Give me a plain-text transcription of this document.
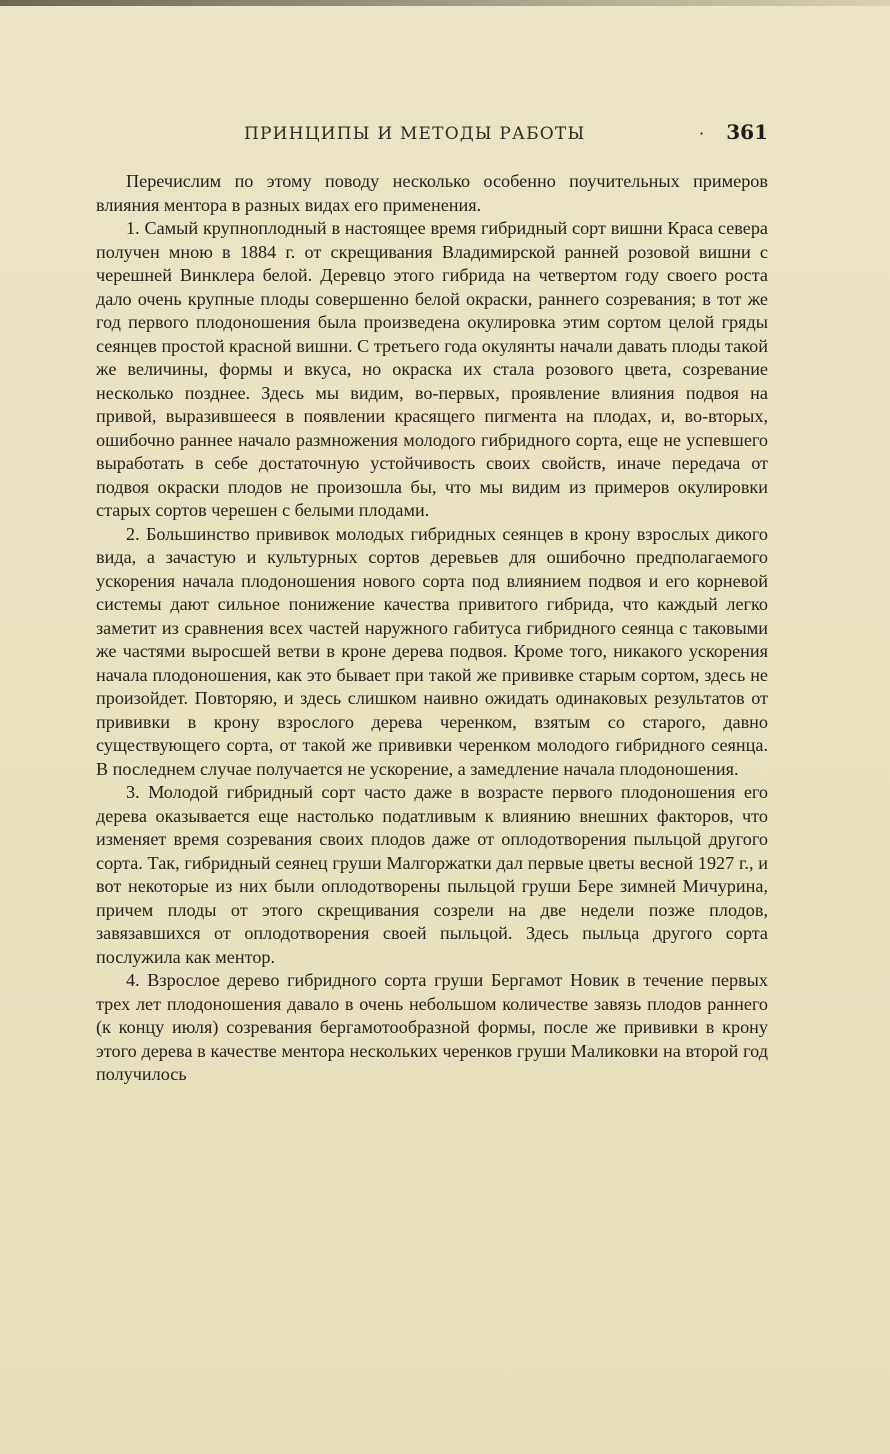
ПРИНЦИПЫ И МЕТОДЫ РАБОТЫ	· 361

Перечислим по этому поводу несколько особенно поучительных примеров влияния ментора в разных видах его применения.

1. Самый крупноплодный в настоящее время гибридный сорт вишни Краса севера получен мною в 1884 г. от скрещивания Владимирской ранней розовой вишни с черешней Винклера белой. Деревцо этого гибрида на четвертом году своего роста дало очень крупные плоды совершенно белой окраски, раннего созревания; в тот же год первого плодоношения была произведена окулировка этим сортом целой гряды сеянцев простой красной вишни. С третьего года окулянты начали давать плоды такой же величины, формы и вкуса, но окраска их стала розового цвета, созревание несколько позднее. Здесь мы видим, во-первых, проявление влияния подвоя на привой, выразившееся в появлении красящего пигмента на плодах, и, во-вторых, ошибочно раннее начало размножения молодого гибридного сорта, еще не успевшего выработать в себе достаточную устойчивость своих свойств, иначе передача от подвоя окраски плодов не произошла бы, что мы видим из примеров окулировки старых сортов черешен с белыми плодами.

2. Большинство прививок молодых гибридных сеянцев в крону взрослых дикого вида, а зачастую и культурных сортов деревьев для ошибочно предполагаемого ускорения начала плодоношения нового сорта под влиянием подвоя и его корневой системы дают сильное понижение качества привитого гибрида, что каждый легко заметит из сравнения всех частей наружного габитуса гибридного сеянца с таковыми же частями выросшей ветви в кроне дерева подвоя. Кроме того, никакого ускорения начала плодоношения, как это бывает при такой же прививке старым сортом, здесь не произойдет. Повторяю, и здесь слишком наивно ожидать одинаковых результатов от прививки в крону взрослого дерева черенком, взятым со старого, давно существующего сорта, от такой же прививки черенком молодого гибридного сеянца. В последнем случае получается не ускорение, а замедление начала плодоношения.

3. Молодой гибридный сорт часто даже в возрасте первого плодоношения его дерева оказывается еще настолько податливым к влиянию внешних факторов, что изменяет время созревания своих плодов даже от оплодотворения пыльцой другого сорта. Так, гибридный сеянец груши Малгоржатки дал первые цветы весной 1927 г., и вот некоторые из них были оплодотворены пыльцой груши Бере зимней Мичурина, причем плоды от этого скрещивания созрели на две недели позже плодов, завязавшихся от оплодотворения своей пыльцой. Здесь пыльца другого сорта послужила как ментор.

4. Взрослое дерево гибридного сорта груши Бергамот Новик в течение первых трех лет плодоношения давало в очень небольшом количестве завязь плодов раннего (к концу июля) созревания бергамотообразной формы, после же прививки в крону этого дерева в качестве ментора нескольких черенков груши Маликовки на второй год получилось
